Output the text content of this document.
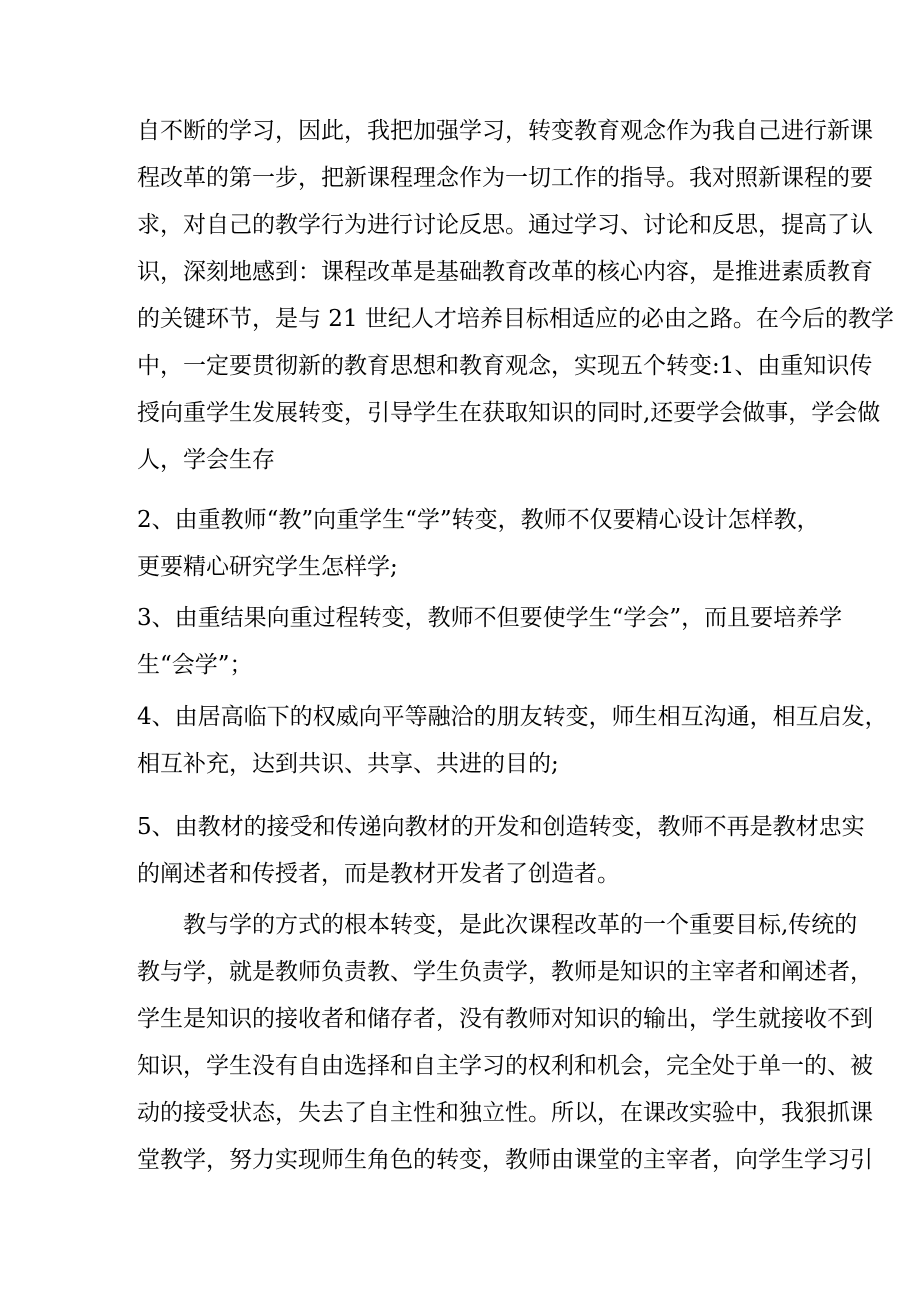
自不断的学习，因此，我把加强学习，转变教育观念作为我自己进行新课
程改革的第一步，把新课程理念作为一切工作的指导。我对照新课程的要
求，对自己的教学行为进行讨论反思。通过学习、讨论和反思，提高了认
识，深刻地感到：课程改革是基础教育改革的核心内容，是推进素质教育
的关键环节，是与 21 世纪人才培养目标相适应的必由之路。在今后的教学
中，一定要贯彻新的教育思想和教育观念，实现五个转变:1、由重知识传
授向重学生发展转变，引导学生在获取知识的同时,还要学会做事，学会做
人，学会生存
2、由重教师“教”向重学生“学”转变，教师不仅要精心设计怎样教，
更要精心研究学生怎样学;
3、由重结果向重过程转变，教师不但要使学生“学会”，而且要培养学
生“会学”；
4、由居高临下的权威向平等融洽的朋友转变，师生相互沟通，相互启发，
相互补充，达到共识、共享、共进的目的;
5、由教材的接受和传递向教材的开发和创造转变，教师不再是教材忠实
的阐述者和传授者，而是教材开发者了创造者。
教与学的方式的根本转变，是此次课程改革的一个重要目标,传统的
教与学，就是教师负责教、学生负责学，教师是知识的主宰者和阐述者，
学生是知识的接收者和储存者，没有教师对知识的输出，学生就接收不到
知识，学生没有自由选择和自主学习的权利和机会，完全处于单一的、被
动的接受状态，失去了自主性和独立性。所以，在课改实验中，我狠抓课
堂教学，努力实现师生角色的转变，教师由课堂的主宰者，向学生学习引
